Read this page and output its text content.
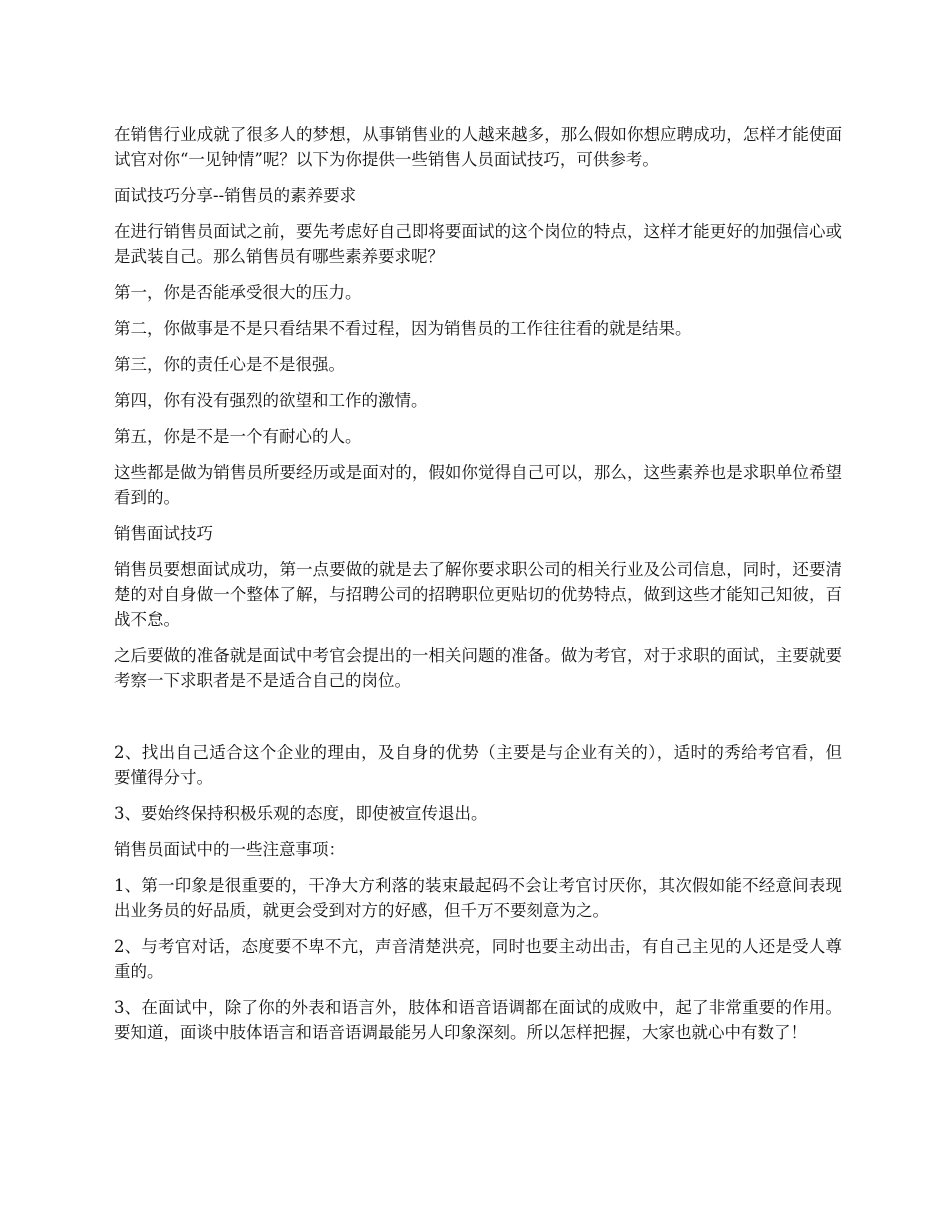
在销售行业成就了很多人的梦想，从事销售业的人越来越多，那么假如你想应聘成功，怎样才能使面试官对你“一见钟情”呢？以下为你提供一些销售人员面试技巧，可供参考。

面试技巧分享--销售员的素养要求

在进行销售员面试之前，要先考虑好自己即将要面试的这个岗位的特点，这样才能更好的加强信心或是武装自己。那么销售员有哪些素养要求呢？

第一，你是否能承受很大的压力。

第二，你做事是不是只看结果不看过程，因为销售员的工作往往看的就是结果。

第三，你的责任心是不是很强。

第四，你有没有强烈的欲望和工作的激情。

第五，你是不是一个有耐心的人。

这些都是做为销售员所要经历或是面对的，假如你觉得自己可以，那么，这些素养也是求职单位希望看到的。

销售面试技巧

销售员要想面试成功，第一点要做的就是去了解你要求职公司的相关行业及公司信息，同时，还要清楚的对自身做一个整体了解，与招聘公司的招聘职位更贴切的优势特点，做到这些才能知己知彼，百战不怠。

之后要做的准备就是面试中考官会提出的一相关问题的准备。做为考官，对于求职的面试，主要就要考察一下求职者是不是适合自己的岗位。

2、找出自己适合这个企业的理由，及自身的优势（主要是与企业有关的），适时的秀给考官看，但要懂得分寸。

3、要始终保持积极乐观的态度，即使被宣传退出。

销售员面试中的一些注意事项：

1、第一印象是很重要的，干净大方利落的装束最起码不会让考官讨厌你，其次假如能不经意间表现出业务员的好品质，就更会受到对方的好感，但千万不要刻意为之。

2、与考官对话，态度要不卑不亢，声音清楚洪亮，同时也要主动出击，有自己主见的人还是受人尊重的。

3、在面试中，除了你的外表和语言外，肢体和语音语调都在面试的成败中，起了非常重要的作用。要知道，面谈中肢体语言和语音语调最能另人印象深刻。所以怎样把握，大家也就心中有数了！
